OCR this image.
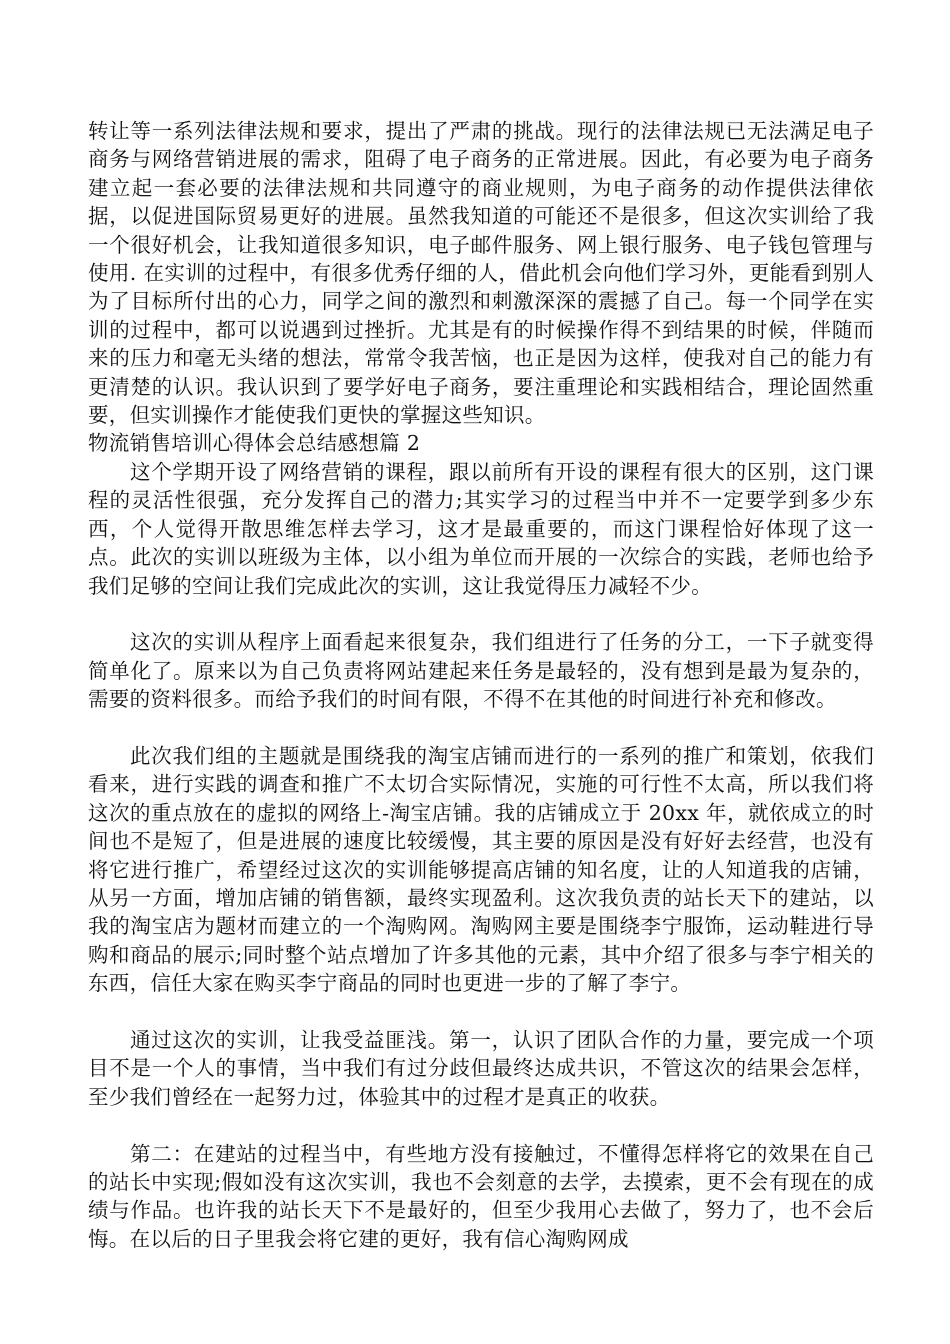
转让等一系列法律法规和要求，提出了严肃的挑战。现行的法律法规已无法满足电子商务与网络营销进展的需求，阻碍了电子商务的正常进展。因此，有必要为电子商务建立起一套必要的法律法规和共同遵守的商业规则，为电子商务的动作提供法律依据，以促进国际贸易更好的进展。虽然我知道的可能还不是很多，但这次实训给了我一个很好机会，让我知道很多知识，电子邮件服务、网上银行服务、电子钱包管理与使用. 在实训的过程中，有很多优秀仔细的人，借此机会向他们学习外，更能看到别人为了目标所付出的心力，同学之间的激烈和刺激深深的震撼了自己。每一个同学在实训的过程中，都可以说遇到过挫折。尤其是有的时候操作得不到结果的时候，伴随而来的压力和毫无头绪的想法，常常令我苦恼，也正是因为这样，使我对自己的能力有更清楚的认识。我认识到了要学好电子商务，要注重理论和实践相结合，理论固然重要，但实训操作才能使我们更快的掌握这些知识。

物流销售培训心得体会总结感想篇 2

这个学期开设了网络营销的课程，跟以前所有开设的课程有很大的区别，这门课程的灵活性很强，充分发挥自己的潜力;其实学习的过程当中并不一定要学到多少东西，个人觉得开散思维怎样去学习，这才是最重要的，而这门课程恰好体现了这一点。此次的实训以班级为主体，以小组为单位而开展的一次综合的实践，老师也给予我们足够的空间让我们完成此次的实训，这让我觉得压力减轻不少。

这次的实训从程序上面看起来很复杂，我们组进行了任务的分工，一下子就变得简单化了。原来以为自己负责将网站建起来任务是最轻的，没有想到是最为复杂的，需要的资料很多。而给予我们的时间有限，不得不在其他的时间进行补充和修改。

此次我们组的主题就是围绕我的淘宝店铺而进行的一系列的推广和策划，依我们看来，进行实践的调查和推广不太切合实际情况，实施的可行性不太高，所以我们将这次的重点放在的虚拟的网络上-淘宝店铺。我的店铺成立于 20xx 年，就依成立的时间也不是短了，但是进展的速度比较缓慢，其主要的原因是没有好好去经营，也没有将它进行推广，希望经过这次的实训能够提高店铺的知名度，让的人知道我的店铺，从另一方面，增加店铺的销售额，最终实现盈利。这次我负责的站长天下的建站，以我的淘宝店为题材而建立的一个淘购网。淘购网主要是围绕李宁服饰，运动鞋进行导购和商品的展示;同时整个站点增加了许多其他的元素，其中介绍了很多与李宁相关的东西，信任大家在购买李宁商品的同时也更进一步的了解了李宁。

通过这次的实训，让我受益匪浅。第一，认识了团队合作的力量，要完成一个项目不是一个人的事情，当中我们有过分歧但最终达成共识，不管这次的结果会怎样，至少我们曾经在一起努力过，体验其中的过程才是真正的收获。

第二：在建站的过程当中，有些地方没有接触过，不懂得怎样将它的效果在自己的站长中实现;假如没有这次实训，我也不会刻意的去学，去摸索，更不会有现在的成绩与作品。也许我的站长天下不是最好的，但至少我用心去做了，努力了，也不会后悔。在以后的日子里我会将它建的更好，我有信心淘购网成
